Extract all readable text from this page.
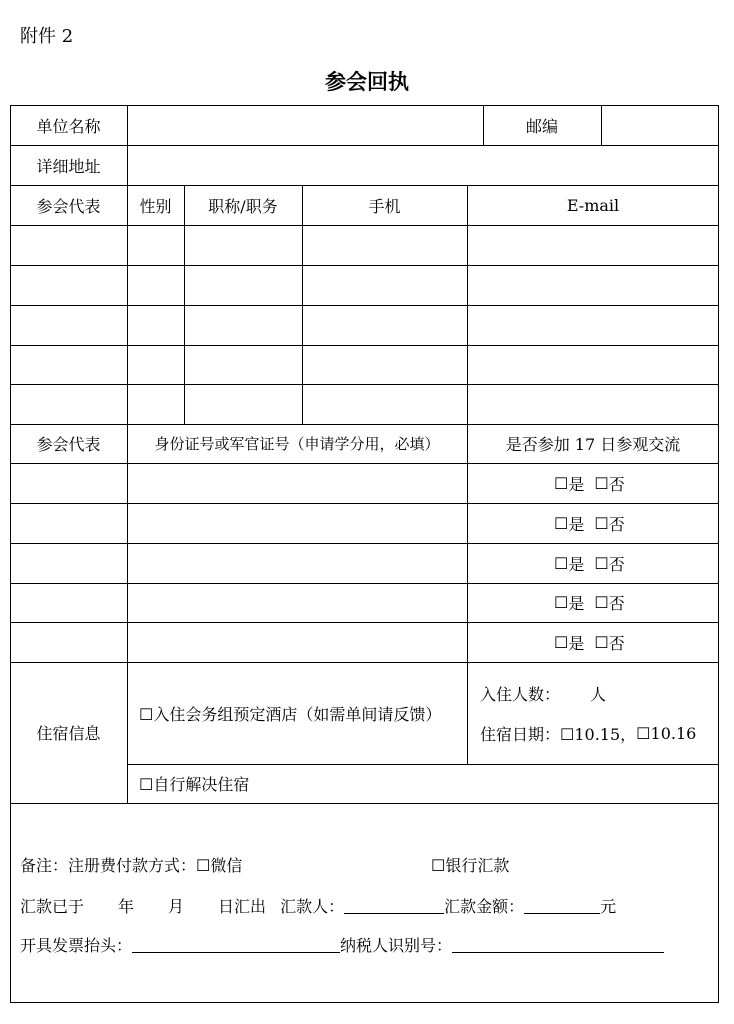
附件 2
参会回执
单位名称	邮编
详细地址
参会代表	性别	职称/职务	手机	E-mail
参会代表	身份证号或军官证号（申请学分用，必填）	是否参加 17 日参观交流
☐ 是 ☐ 否
☐ 是 ☐ 否
☐ 是 ☐ 否
☐ 是 ☐ 否
☐ 是 ☐ 否
住宿信息
☐入住会务组预定酒店（如需单间请反馈）
入住人数： 人
住宿日期： ☐10.15， ☐10.16
☐自行解决住宿
备注：注册费付款方式： ☐微信	☐银行汇款
汇款已于 年 月 日汇出 汇款人：	汇款金额：	元
开具发票抬头：	纳税人识别号：
